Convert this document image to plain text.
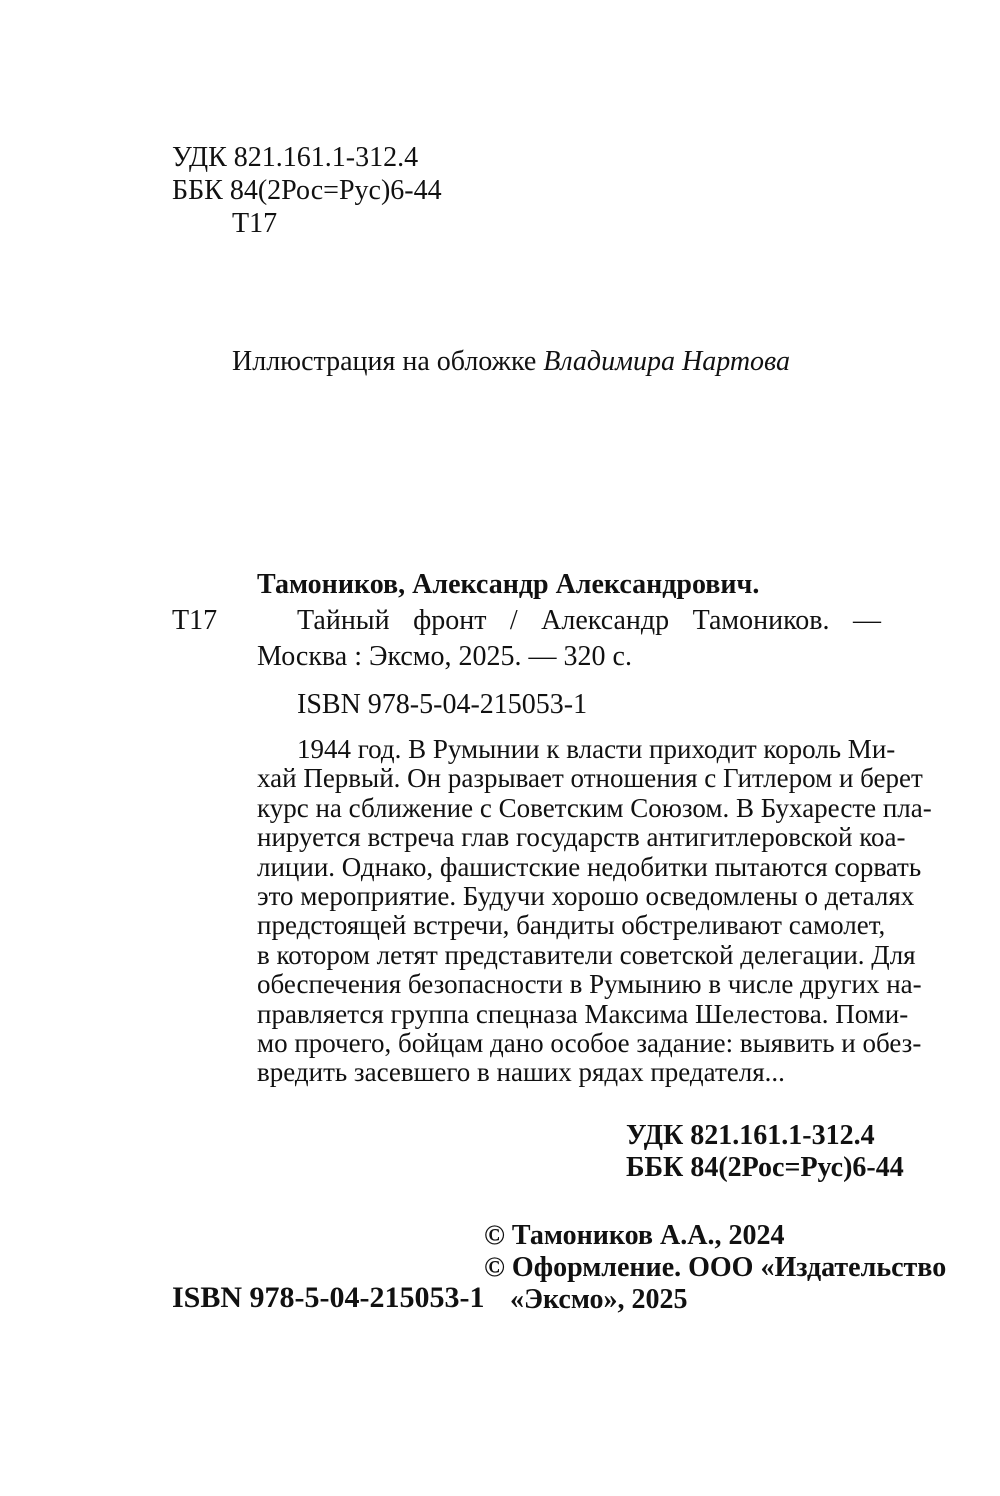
УДК 821.161.1-312.4
ББК 84(2Рос=Рус)6-44
Т17
Иллюстрация на обложке Владимира Нартова
Тамоников, Александр Александрович.
Т17	Тайный фронт / Александр Тамоников. —
Москва : Эксмо, 2025. — 320 с.
ISBN 978-5-04-215053-1
1944 год. В Румынии к власти приходит король Ми-
хай Первый. Он разрывает отношения с Гитлером и берет
курс на сближение с Советским Союзом. В Бухаресте пла-
нируется встреча глав государств антигитлеровской коа-
лиции. Однако, фашистские недобитки пытаются сорвать
это мероприятие. Будучи хорошо осведомлены о деталях
предстоящей встречи, бандиты обстреливают самолет,
в котором летят представители советской делегации. Для
обеспечения безопасности в Румынию в числе других на-
правляется группа спецназа Максима Шелестова. Поми-
мо прочего, бойцам дано особое задание: выявить и обез-
вредить засевшего в наших рядах предателя...
УДК 821.161.1-312.4
ББК 84(2Рос=Рус)6-44
© Тамоников А.А., 2024
© Оформление. ООО «Издательство
«Эксмо», 2025
ISBN 978-5-04-215053-1
